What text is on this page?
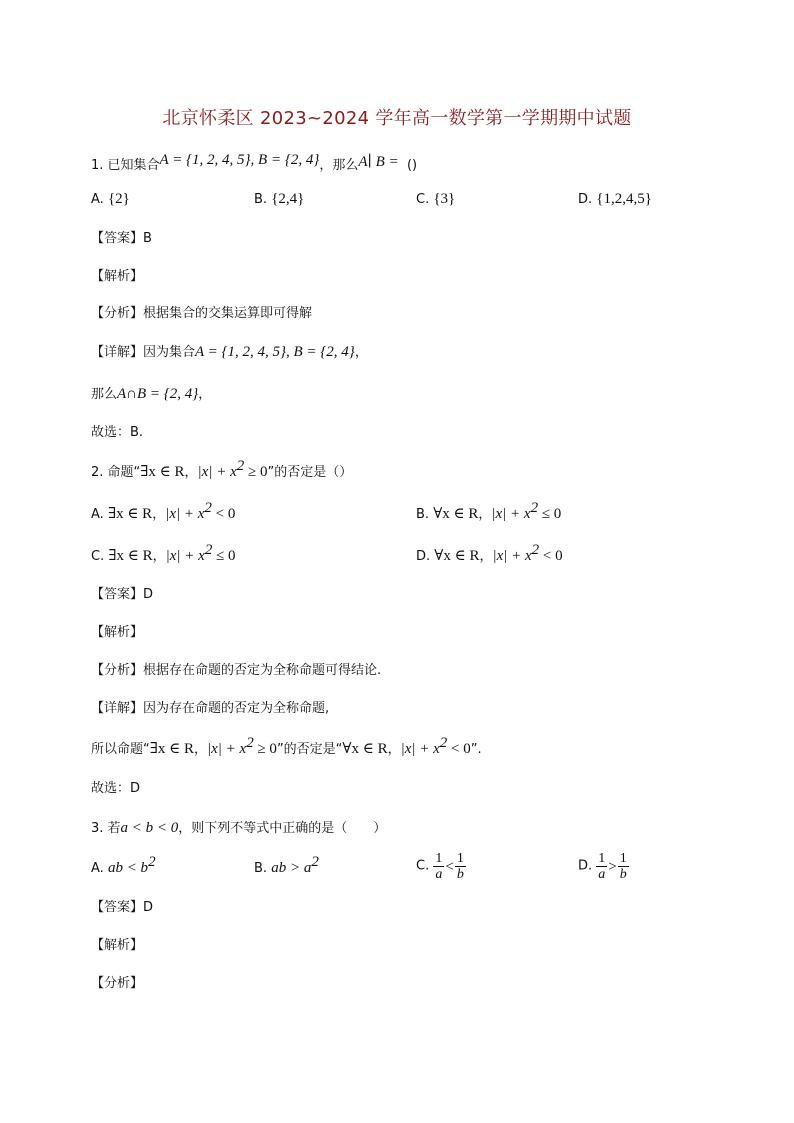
北京怀柔区 2023~2024 学年高一数学第一学期期中试题
1. 已知集合A = {1, 2, 4, 5}, B = {2, 4}，那么A∣ B = ()
A. {2}	B. {2,4}	C. {3}	D. {1,2,4,5}
【答案】B
【解析】
【分析】根据集合的交集运算即可得解
【详解】因为集合A = {1, 2, 4, 5}, B = {2, 4}，
那么A∩B = {2, 4}，
故选：B.
2. 命题“∃x ∈ R，$|x| + x^2 \ge 0$”的否定是（）
A. ∃x ∈ R，$|x| + x^2 < 0$	B. ∀x ∈ R，$|x| + x^2 \le 0$
C. ∃x ∈ R，$|x| + x^2 \le 0$	D. ∀x ∈ R，$|x| + x^2 < 0$
【答案】D
【解析】
【分析】根据存在命题的否定为全称命题可得结论.
【详解】因为存在命题的否定为全称命题,
所以命题“∃x ∈ R，$|x| + x^2 \ge 0$”的否定是“∀x ∈ R，$|x| + x^2 < 0$”.
故选：D
3. 若a < b < 0，则下列不等式中正确的是（　　）
A. ab < $b^2$	B. ab > $a^2$	C. $\frac{1}{a} < \frac{1}{b}$	D. $\frac{1}{a} > \frac{1}{b}$
【答案】D
【解析】
【分析】
